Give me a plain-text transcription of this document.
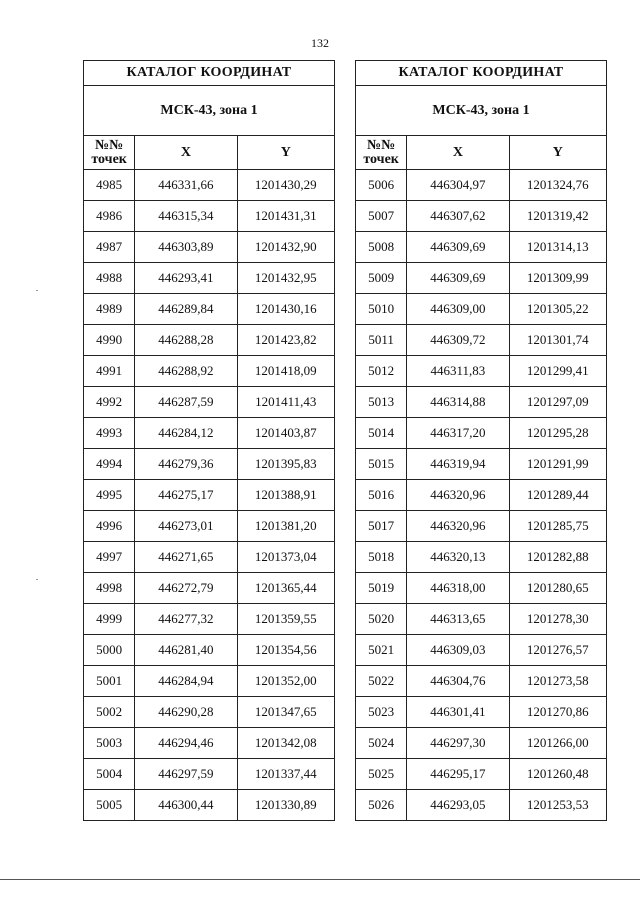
132
КАТАЛОГ КООРДИНАТ		
МСК-43, зона 1		
№№
точек	X	Y
4985	446331,66	1201430,29
4986	446315,34	1201431,31
4987	446303,89	1201432,90
4988	446293,41	1201432,95
4989	446289,84	1201430,16
4990	446288,28	1201423,82
4991	446288,92	1201418,09
4992	446287,59	1201411,43
4993	446284,12	1201403,87
4994	446279,36	1201395,83
4995	446275,17	1201388,91
4996	446273,01	1201381,20
4997	446271,65	1201373,04
4998	446272,79	1201365,44
4999	446277,32	1201359,55
5000	446281,40	1201354,56
5001	446284,94	1201352,00
5002	446290,28	1201347,65
5003	446294,46	1201342,08
5004	446297,59	1201337,44
5005	446300,44	1201330,89
КАТАЛОГ КООРДИНАТ		
МСК-43, зона 1		
№№
точек	X	Y
5006	446304,97	1201324,76
5007	446307,62	1201319,42
5008	446309,69	1201314,13
5009	446309,69	1201309,99
5010	446309,00	1201305,22
5011	446309,72	1201301,74
5012	446311,83	1201299,41
5013	446314,88	1201297,09
5014	446317,20	1201295,28
5015	446319,94	1201291,99
5016	446320,96	1201289,44
5017	446320,96	1201285,75
5018	446320,13	1201282,88
5019	446318,00	1201280,65
5020	446313,65	1201278,30
5021	446309,03	1201276,57
5022	446304,76	1201273,58
5023	446301,41	1201270,86
5024	446297,30	1201266,00
5025	446295,17	1201260,48
5026	446293,05	1201253,53
